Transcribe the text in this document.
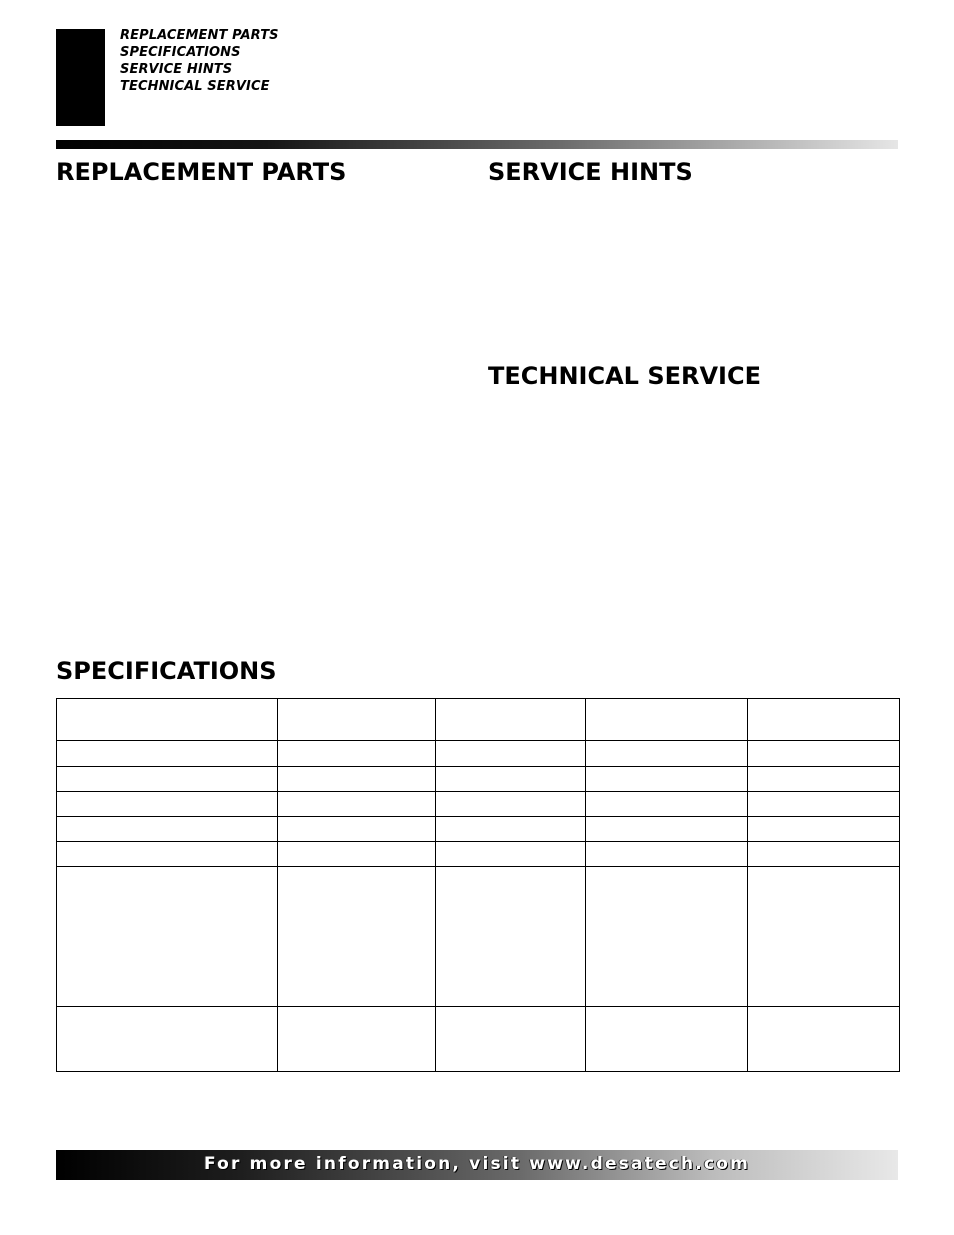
REPLACEMENT PARTS
SPECIFICATIONS
SERVICE HINTS
TECHNICAL SERVICE
REPLACEMENT PARTS	SERVICE HINTS
TECHNICAL SERVICE
SPECIFICATIONS

For more information, visit www.desatech.com
